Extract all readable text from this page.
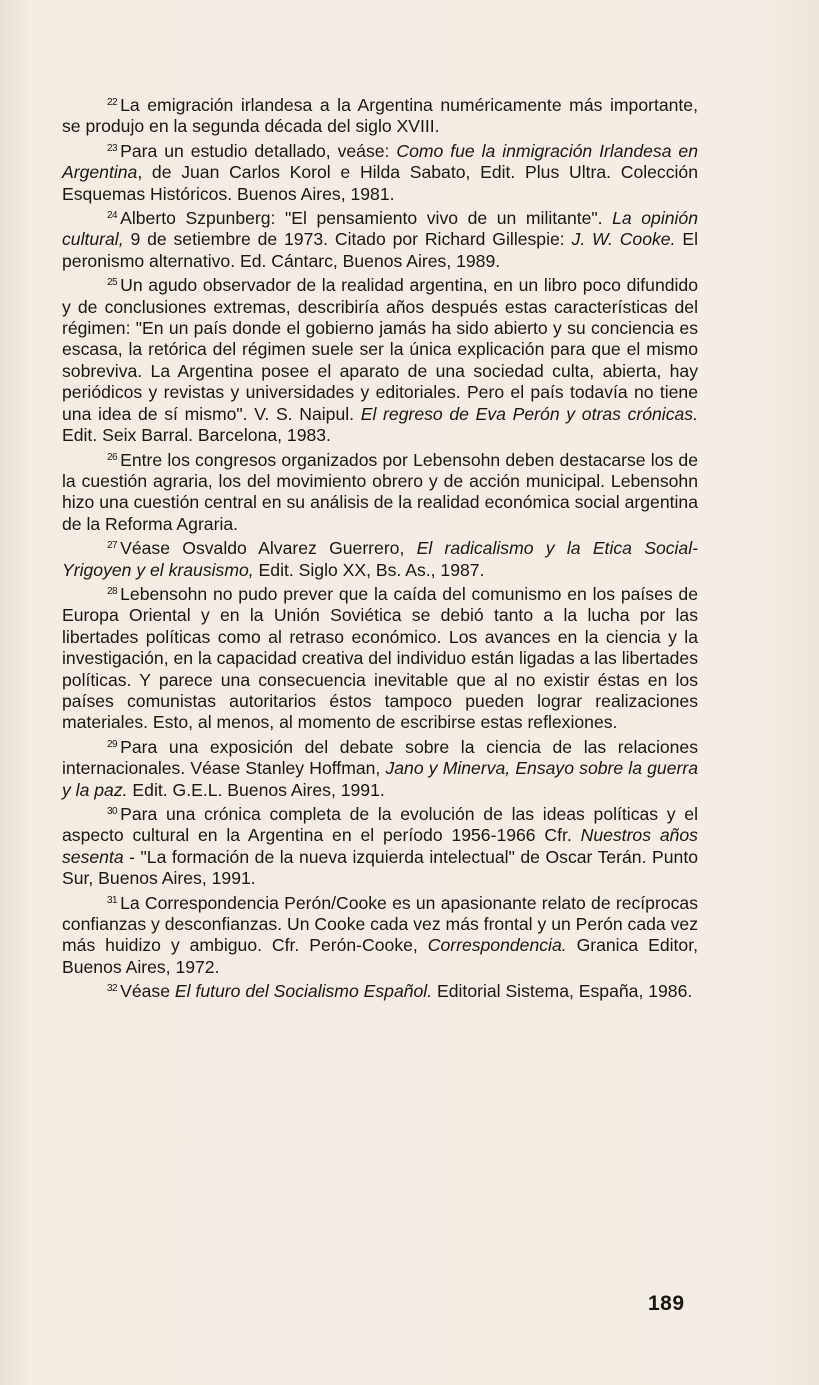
$^{22}$ La emigración irlandesa a la Argentina numéricamente más importante, se produjo en la segunda década del siglo XVIII.

$^{23}$ Para un estudio detallado, veáse: Como fue la inmigración Irlandesa en Argentina, de Juan Carlos Korol e Hilda Sabato, Edit. Plus Ultra. Colección Esquemas Históricos. Buenos Aires, 1981.

$^{24}$ Alberto Szpunberg: "El pensamiento vivo de un militante". La opinión cultural, 9 de setiembre de 1973. Citado por Richard Gillespie: J. W. Cooke. El peronismo alternativo. Ed. Cántarc, Buenos Aires, 1989.

$^{25}$ Un agudo observador de la realidad argentina, en un libro poco difundido y de conclusiones extremas, describiría años después estas características del régimen: "En un país donde el gobierno jamás ha sido abierto y su conciencia es escasa, la retórica del régimen suele ser la única explicación para que el mismo sobreviva. La Argentina posee el aparato de una sociedad culta, abierta, hay periódicos y revistas y universidades y editoriales. Pero el país todavía no tiene una idea de sí mismo". V. S. Naipul. El regreso de Eva Perón y otras crónicas. Edit. Seix Barral. Barcelona, 1983.

$^{26}$ Entre los congresos organizados por Lebensohn deben destacarse los de la cuestión agraria, los del movimiento obrero y de acción municipal. Lebensohn hizo una cuestión central en su análisis de la realidad económica social argentina de la Reforma Agraria.

$^{27}$ Véase Osvaldo Alvarez Guerrero, El radicalismo y la Etica Social-Yrigoyen y el krausismo, Edit. Siglo XX, Bs. As., 1987.

$^{28}$ Lebensohn no pudo prever que la caída del comunismo en los países de Europa Oriental y en la Unión Soviética se debió tanto a la lucha por las libertades políticas como al retraso económico. Los avances en la ciencia y la investigación, en la capacidad creativa del individuo están ligadas a las libertades políticas. Y parece una consecuencia inevitable que al no existir éstas en los países comunistas autoritarios éstos tampoco pueden lograr realizaciones materiales. Esto, al menos, al momento de escribirse estas reflexiones.

$^{29}$ Para una exposición del debate sobre la ciencia de las relaciones internacionales. Véase Stanley Hoffman, Jano y Minerva, Ensayo sobre la guerra y la paz. Edit. G.E.L. Buenos Aires, 1991.

$^{30}$ Para una crónica completa de la evolución de las ideas políticas y el aspecto cultural en la Argentina en el período 1956-1966 Cfr. Nuestros años sesenta - "La formación de la nueva izquierda intelectual" de Oscar Terán. Punto Sur, Buenos Aires, 1991.

$^{31}$ La Correspondencia Perón/Cooke es un apasionante relato de recíprocas confianzas y desconfianzas. Un Cooke cada vez más frontal y un Perón cada vez más huidizo y ambiguo. Cfr. Perón-Cooke, Correspondencia. Granica Editor, Buenos Aires, 1972.

$^{32}$ Véase El futuro del Socialismo Español. Editorial Sistema, España, 1986.

189
